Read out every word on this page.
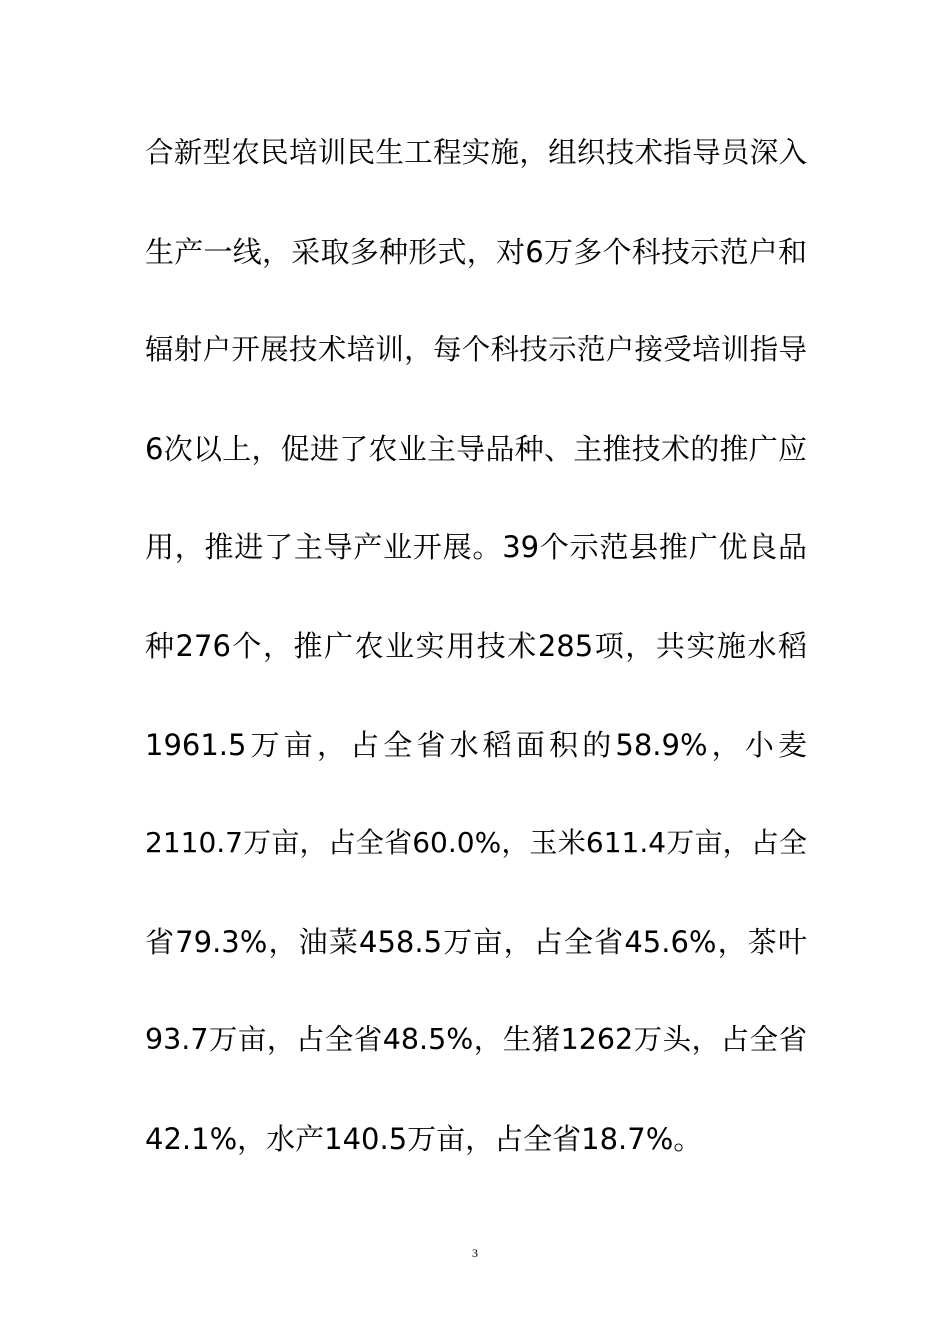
合新型农民培训民生工程实施，组织技术指导员深入
生产一线，采取多种形式，对6万多个科技示范户和
辐射户开展技术培训，每个科技示范户接受培训指导
6次以上，促进了农业主导品种、主推技术的推广应
用，推进了主导产业开展。39个示范县推广优良品
种276个，推广农业实用技术285项，共实施水稻
1961.5万亩，占全省水稻面积的58.9%，小麦
2110.7万亩，占全省60.0%，玉米611.4万亩，占全
省79.3%，油菜458.5万亩，占全省45.6%，茶叶
93.7万亩，占全省48.5%，生猪1262万头，占全省
42.1%，水产140.5万亩，占全省18.7%。
3
